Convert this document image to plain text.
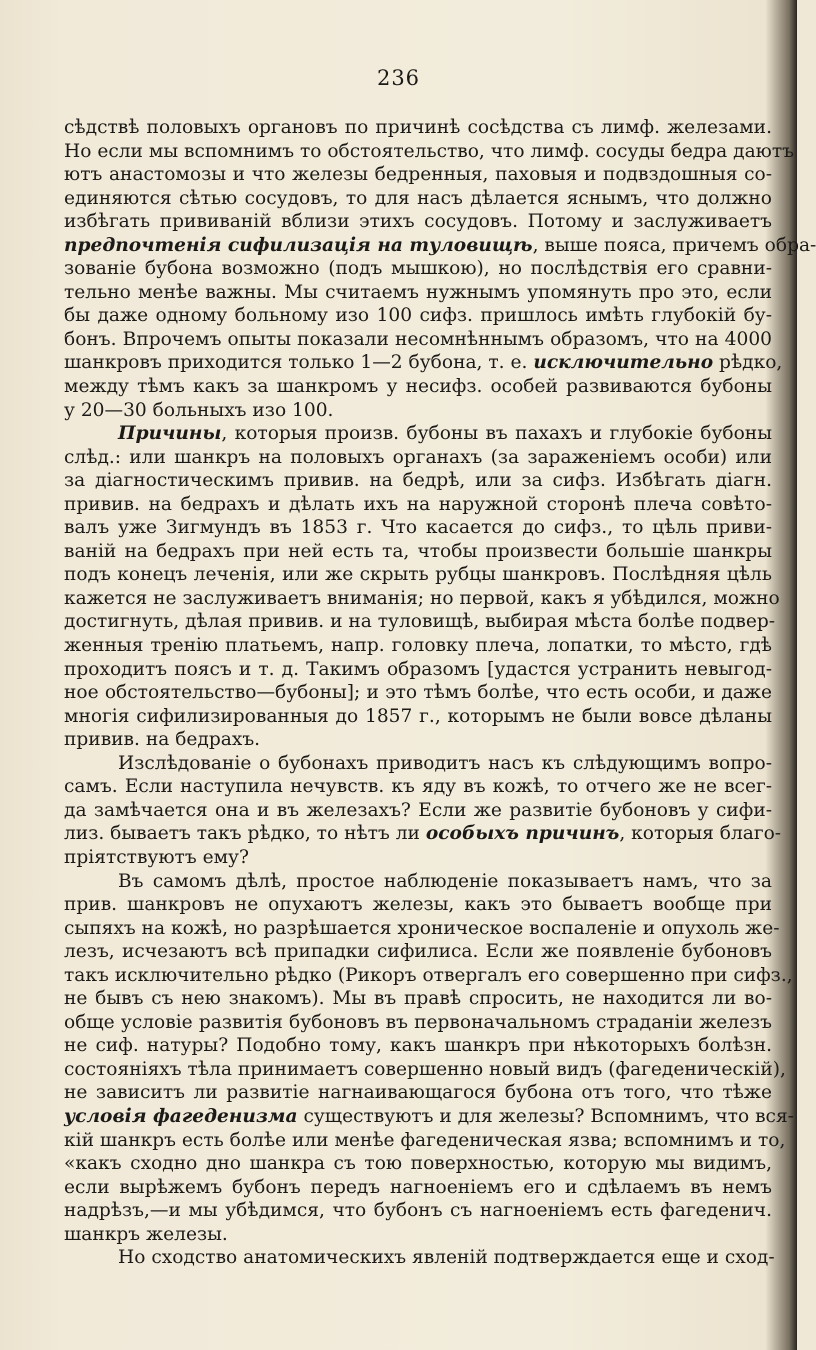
236

сѣдствѣ половыхъ органовъ по причинѣ сосѣдства съ лимф. железами.
Но если мы вспомнимъ то обстоятельство, что лимф. сосуды бедра даютъ
ютъ анастомозы и что железы бедренныя, паховыя и подвздошныя со-
единяются сѣтью сосудовъ, то для насъ дѣлается яснымъ, что должно
избѣгать прививаній вблизи этихъ сосудовъ. Потому и заслуживаетъ
предпочтенія сифилизація на туловищѣ, выше пояса, причемъ обра-
зованіе бубона возможно (подъ мышкою), но послѣдствія его сравни-
тельно менѣе важны. Мы считаемъ нужнымъ упомянуть про это, если
бы даже одному больному изо 100 сифз. пришлось имѣть глубокій бу-
бонъ. Впрочемъ опыты показали несомнѣннымъ образомъ, что на 4000
шанкровъ приходится только 1—2 бубона, т. е. исключительно рѣдко,
между тѣмъ какъ за шанкромъ у несифз. особей развиваются бубоны
у 20—30 больныхъ изо 100.

Причины, которыя произв. бубоны въ пахахъ и глубокіе бубоны
слѣд.: или шанкръ на половыхъ органахъ (за зараженіемъ особи) или
за діагностическимъ привив. на бедрѣ, или за сифз. Избѣгать діагн.
привив. на бедрахъ и дѣлать ихъ на наружной сторонѣ плеча совѣто-
валъ уже Зигмундъ въ 1853 г. Что касается до сифз., то цѣль приви-
ваній на бедрахъ при ней есть та, чтобы произвести большіе шанкры
подъ конецъ леченія, или же скрыть рубцы шанкровъ. Послѣдняя цѣль
кажется не заслуживаетъ вниманія; но первой, какъ я убѣдился, можно
достигнуть, дѣлая привив. и на туловищѣ, выбирая мѣста болѣе подвер-
женныя тренію платьемъ, напр. головку плеча, лопатки, то мѣсто, гдѣ
проходитъ поясъ и т. д. Такимъ образомъ [удастся устранить невыгод-
ное обстоятельство—бубоны]; и это тѣмъ болѣе, что есть особи, и даже
многія сифилизированныя до 1857 г., которымъ не были вовсе дѣланы
привив. на бедрахъ.

Изслѣдованіе о бубонахъ приводитъ насъ къ слѣдующимъ вопро-
самъ. Если наступила нечувств. къ яду въ кожѣ, то отчего же не всег-
да замѣчается она и въ железахъ? Если же развитіе бубоновъ у сифи-
лиз. бываетъ такъ рѣдко, то нѣтъ ли особыхъ причинъ, которыя благо-
пріятствуютъ ему?

Въ самомъ дѣлѣ, простое наблюденіе показываетъ намъ, что за
прив. шанкровъ не опухаютъ железы, какъ это бываетъ вообще при
сыпяхъ на кожѣ, но разрѣшается хроническое воспаленіе и опухоль же-
лезъ, исчезаютъ всѣ припадки сифилиса. Если же появленіе бубоновъ
такъ исключительно рѣдко (Рикоръ отвергалъ его совершенно при сифз.,
не бывъ съ нею знакомъ). Мы въ правѣ спросить, не находится ли во-
обще условіе развитія бубоновъ въ первоначальномъ страданіи железъ
не сиф. натуры? Подобно тому, какъ шанкръ при нѣкоторыхъ болѣзн.
состояніяхъ тѣла принимаетъ совершенно новый видъ (фагеденическій),
не зависитъ ли развитіе нагнаивающагося бубона отъ того, что тѣже
условія фагеденизма существуютъ и для железы? Вспомнимъ, что вся-
кій шанкръ есть болѣе или менѣе фагеденическая язва; вспомнимъ и то,
«какъ сходно дно шанкра съ тою поверхностью, которую мы видимъ,
если вырѣжемъ бубонъ передъ нагноеніемъ его и сдѣлаемъ въ немъ
надрѣзъ,—и мы убѣдимся, что бубонъ съ нагноеніемъ есть фагеденич.
шанкръ железы.

Но сходство анатомическихъ явленій подтверждается еще и сход-
